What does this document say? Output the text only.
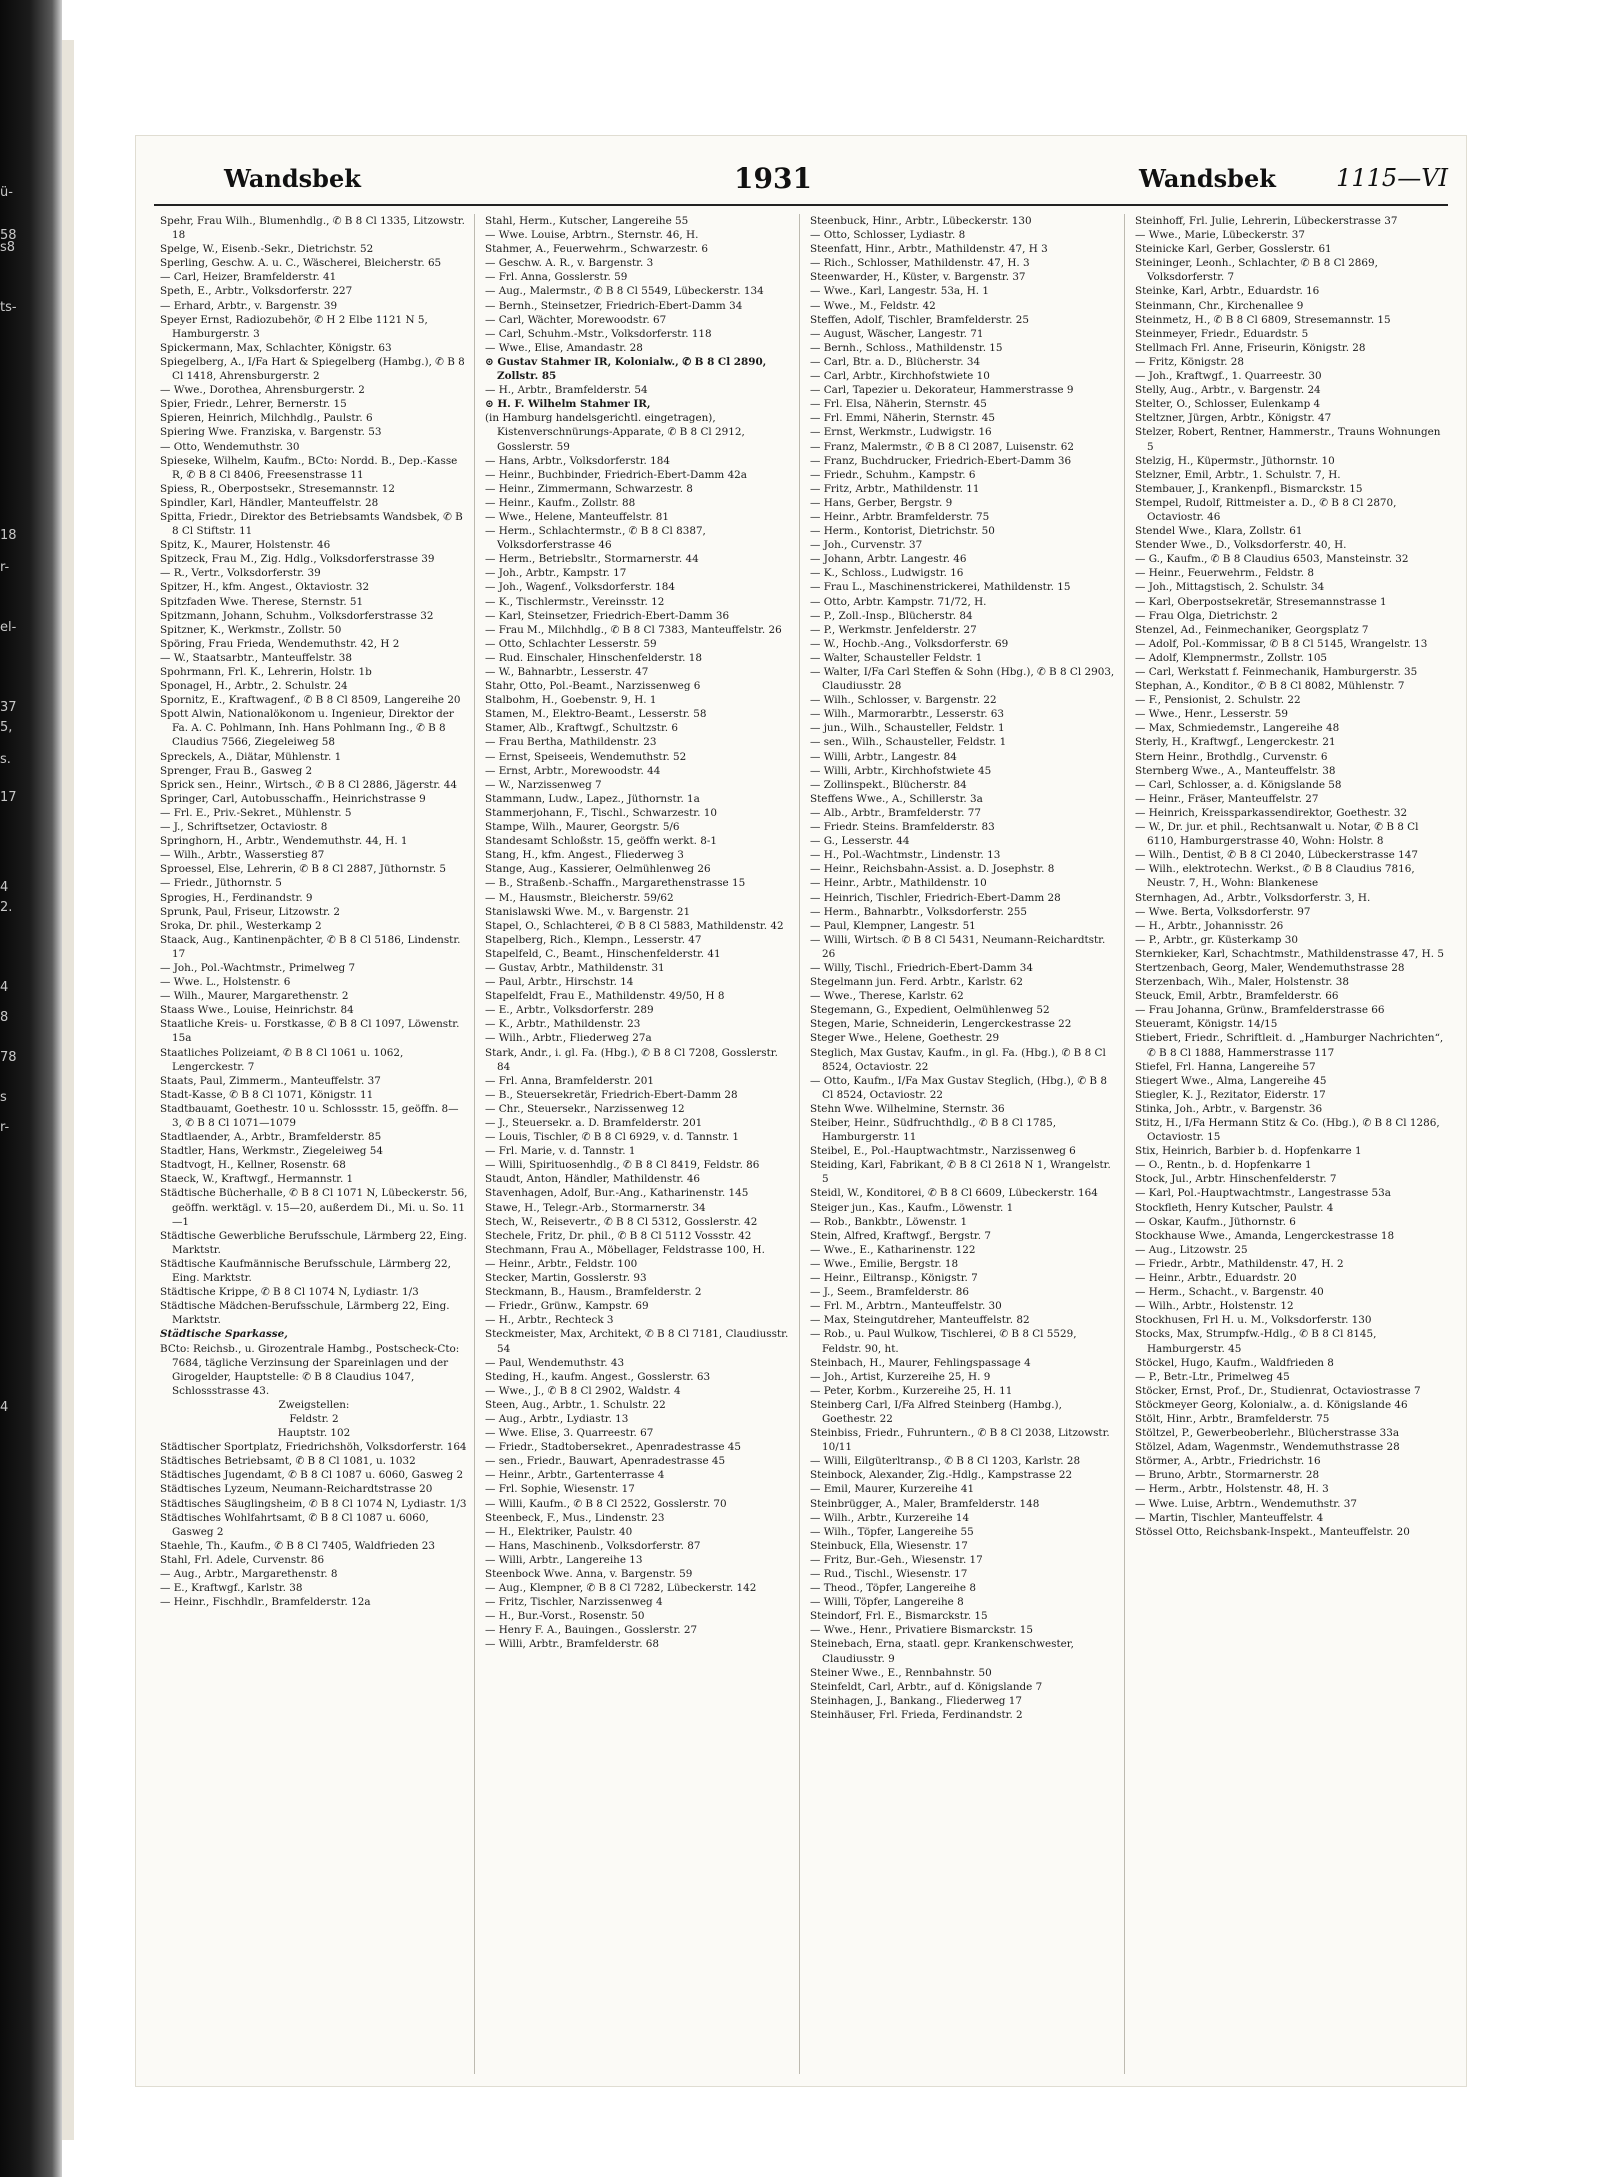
ü-
58
s8
ts-
18
r-
el-
37
5,
s.
17
4
2.
4
8
78
s
r-
4
Wandsbek	1931	Wandsbek	1115—VI

Spehr, Frau Wilh., Blumenhdlg., ✆ B 8 Cl 1335, Litzowstr. 18

Spelge, W., Eisenb.-Sekr., Dietrichstr. 52

Sperling, Geschw. A. u. C., Wäscherei, Bleicherstr. 65

— Carl, Heizer, Bramfelderstr. 41

Speth, E., Arbtr., Volksdorferstr. 227

— Erhard, Arbtr., v. Bargenstr. 39

Speyer Ernst, Radiozubehör, ✆ H 2 Elbe 1121 N 5, Hamburgerstr. 3

Spickermann, Max, Schlachter, Königstr. 63

Spiegelberg, A., I/Fa Hart & Spiegelberg (Hambg.), ✆ B 8 Cl 1418, Ahrensburgerstr. 2

— Wwe., Dorothea, Ahrensburgerstr. 2

Spier, Friedr., Lehrer, Bernerstr. 15

Spieren, Heinrich, Milchhdlg., Paulstr. 6

Spiering Wwe. Franziska, v. Bargenstr. 53

— Otto, Wendemuthstr. 30

Spieseke, Wilhelm, Kaufm., BCto: Nordd. B., Dep.-Kasse R, ✆ B 8 Cl 8406, Freesenstrasse 11

Spiess, R., Oberpostsekr., Stresemannstr. 12

Spindler, Karl, Händler, Manteuffelstr. 28

Spitta, Friedr., Direktor des Betriebsamts Wandsbek, ✆ B 8 Cl Stiftstr. 11

Spitz, K., Maurer, Holstenstr. 46

Spitzeck, Frau M., Zig. Hdlg., Volksdorferstrasse 39

— R., Vertr., Volksdorferstr. 39

Spitzer, H., kfm. Angest., Oktaviostr. 32

Spitzfaden Wwe. Therese, Sternstr. 51

Spitzmann, Johann, Schuhm., Volksdorferstrasse 32

Spitzner, K., Werkmstr., Zollstr. 50

Spöring, Frau Frieda, Wendemuthstr. 42, H 2

— W., Staatsarbtr., Manteuffelstr. 38

Spohrmann, Frl. K., Lehrerin, Holstr. 1b

Sponagel, H., Arbtr., 2. Schulstr. 24

Spornitz, E., Kraftwagenf., ✆ B 8 Cl 8509, Langereihe 20

Spott Alwin, Nationalökonom u. Ingenieur, Direktor der Fa. A. C. Pohlmann, Inh. Hans Pohlmann Ing., ✆ B 8 Claudius 7566, Ziegeleiweg 58

Spreckels, A., Diätar, Mühlenstr. 1

Sprenger, Frau B., Gasweg 2

Sprick sen., Heinr., Wirtsch., ✆ B 8 Cl 2886, Jägerstr. 44

Springer, Carl, Autobusschaffn., Heinrichstrasse 9

— Frl. E., Priv.-Sekret., Mühlenstr. 5

— J., Schriftsetzer, Octaviostr. 8

Springhorn, H., Arbtr., Wendemuthstr. 44, H. 1

— Wilh., Arbtr., Wasserstieg 87

Sproessel, Else, Lehrerin, ✆ B 8 Cl 2887, Jüthornstr. 5

— Friedr., Jüthornstr. 5

Sprogies, H., Ferdinandstr. 9

Sprunk, Paul, Friseur, Litzowstr. 2

Sroka, Dr. phil., Westerkamp 2

Staack, Aug., Kantinenpächter, ✆ B 8 Cl 5186, Lindenstr. 17

— Joh., Pol.-Wachtmstr., Primelweg 7

— Wwe. L., Holstenstr. 6

— Wilh., Maurer, Margarethenstr. 2

Staass Wwe., Louise, Heinrichstr. 84

Staatliche Kreis- u. Forstkasse, ✆ B 8 Cl 1097, Löwenstr. 15a

Staatliches Polizeiamt, ✆ B 8 Cl 1061 u. 1062, Lengerckestr. 7

Staats, Paul, Zimmerm., Manteuffelstr. 37

Stadt-Kasse, ✆ B 8 Cl 1071, Königstr. 11

Stadtbauamt, Goethestr. 10 u. Schlossstr. 15, geöffn. 8—3, ✆ B 8 Cl 1071—1079

Stadtlaender, A., Arbtr., Bramfelderstr. 85

Stadtler, Hans, Werkmstr., Ziegeleiweg 54

Stadtvogt, H., Kellner, Rosenstr. 68

Staeck, W., Kraftwgf., Hermannstr. 1

Städtische Bücherhalle, ✆ B 8 Cl 1071 N, Lübeckerstr. 56, geöffn. werktägl. v. 15—20, außerdem Di., Mi. u. So. 11—1

Städtische Gewerbliche Berufsschule, Lärmberg 22, Eing. Marktstr.

Städtische Kaufmännische Berufsschule, Lärmberg 22, Eing. Marktstr.

Städtische Krippe, ✆ B 8 Cl 1074 N, Lydiastr. 1/3

Städtische Mädchen-Berufsschule, Lärmberg 22, Eing. Marktstr.

Städtische Sparkasse,

BCto: Reichsb., u. Girozentrale Hambg., Postscheck-Cto: 7684, tägliche Verzinsung der Spareinlagen und der Girogelder, Hauptstelle: ✆ B 8 Claudius 1047, Schlossstrasse 43.

Zweigstellen:

Feldstr. 2

Hauptstr. 102

Städtischer Sportplatz, Friedrichshöh, Volksdorferstr. 164

Städtisches Betriebsamt, ✆ B 8 Cl 1081, u. 1032

Städtisches Jugendamt, ✆ B 8 Cl 1087 u. 6060, Gasweg 2

Städtisches Lyzeum, Neumann-Reichardtstrasse 20

Städtisches Säuglingsheim, ✆ B 8 Cl 1074 N, Lydiastr. 1/3

Städtisches Wohlfahrtsamt, ✆ B 8 Cl 1087 u. 6060, Gasweg 2

Staehle, Th., Kaufm., ✆ B 8 Cl 7405, Waldfrieden 23

Stahl, Frl. Adele, Curvenstr. 86

— Aug., Arbtr., Margarethenstr. 8

— E., Kraftwgf., Karlstr. 38

— Heinr., Fischhdlr., Bramfelderstr. 12a

Stahl, Herm., Kutscher, Langereihe 55

— Wwe. Louise, Arbtrn., Sternstr. 46, H.

Stahmer, A., Feuerwehrm., Schwarzestr. 6

— Geschw. A. R., v. Bargenstr. 3

— Frl. Anna, Gosslerstr. 59

— Aug., Malermstr., ✆ B 8 Cl 5549, Lübeckerstr. 134

— Bernh., Steinsetzer, Friedrich-Ebert-Damm 34

— Carl, Wächter, Morewoodstr. 67

— Carl, Schuhm.-Mstr., Volksdorferstr. 118

— Wwe., Elise, Amandastr. 28

⊙ Gustav Stahmer IR, Kolonialw., ✆ B 8 Cl 2890, Zollstr. 85

— H., Arbtr., Bramfelderstr. 54

⊙ H. F. Wilhelm Stahmer IR,

(in Hamburg handelsgerichtl. eingetragen), Kistenverschnürungs-Apparate, ✆ B 8 Cl 2912, Gosslerstr. 59

— Hans, Arbtr., Volksdorferstr. 184

— Heinr., Buchbinder, Friedrich-Ebert-Damm 42a

— Heinr., Zimmermann, Schwarzestr. 8

— Heinr., Kaufm., Zollstr. 88

— Wwe., Helene, Manteuffelstr. 81

— Herm., Schlachtermstr., ✆ B 8 Cl 8387, Volksdorferstrasse 46

— Herm., Betriebsltr., Stormarnerstr. 44

— Joh., Arbtr., Kampstr. 17

— Joh., Wagenf., Volksdorferstr. 184

— K., Tischlermstr., Vereinsstr. 12

— Karl, Steinsetzer, Friedrich-Ebert-Damm 36

— Frau M., Milchhdlg., ✆ B 8 Cl 7383, Manteuffelstr. 26

— Otto, Schlachter Lesserstr. 59

— Rud. Einschaler, Hinschenfelderstr. 18

— W., Bahnarbtr., Lesserstr. 47

Stahr, Otto, Pol.-Beamt., Narzissenweg 6

Stalbohm, H., Goebenstr. 9, H. 1

Stamen, M., Elektro-Beamt., Lesserstr. 58

Stamer, Alb., Kraftwgf., Schultzstr. 6

— Frau Bertha, Mathildenstr. 23

— Ernst, Speiseeis, Wendemuthstr. 52

— Ernst, Arbtr., Morewoodstr. 44

— W., Narzissenweg 7

Stammann, Ludw., Lapez., Jüthornstr. 1a

Stammerjohann, F., Tischl., Schwarzestr. 10

Stampe, Wilh., Maurer, Georgstr. 5/6

Standesamt Schloßstr. 15, geöffn werkt. 8-1

Stang, H., kfm. Angest., Fliederweg 3

Stange, Aug., Kassierer, Oelmühlenweg 26

— B., Straßenb.-Schaffn., Margarethenstrasse 15

— M., Hausmstr., Bleicherstr. 59/62

Stanislawski Wwe. M., v. Bargenstr. 21

Stapel, O., Schlachterei, ✆ B 8 Cl 5883, Mathildenstr. 42

Stapelberg, Rich., Klempn., Lesserstr. 47

Stapelfeld, C., Beamt., Hinschenfelderstr. 41

— Gustav, Arbtr., Mathildenstr. 31

— Paul, Arbtr., Hirschstr. 14

Stapelfeldt, Frau E., Mathildenstr. 49/50, H 8

— E., Arbtr., Volksdorferstr. 289

— K., Arbtr., Mathildenstr. 23

— Wilh., Arbtr., Fliederweg 27a

Stark, Andr., i. gl. Fa. (Hbg.), ✆ B 8 Cl 7208, Gosslerstr. 84

— Frl. Anna, Bramfelderstr. 201

— B., Steuersekretär, Friedrich-Ebert-Damm 28

— Chr., Steuersekr., Narzissenweg 12

— J., Steuersekr. a. D. Bramfelderstr. 201

— Louis, Tischler, ✆ B 8 Cl 6929, v. d. Tannstr. 1

— Frl. Marie, v. d. Tannstr. 1

— Willi, Spirituosenhdlg., ✆ B 8 Cl 8419, Feldstr. 86

Staudt, Anton, Händler, Mathildenstr. 46

Stavenhagen, Adolf, Bur.-Ang., Katharinenstr. 145

Stawe, H., Telegr.-Arb., Stormarnerstr. 34

Stech, W., Reisevertr., ✆ B 8 Cl 5312, Gosslerstr. 42

Stechele, Fritz, Dr. phil., ✆ B 8 Cl 5112 Vossstr. 42

Stechmann, Frau A., Möbellager, Feldstrasse 100, H.

— Heinr., Arbtr., Feldstr. 100

Stecker, Martin, Gosslerstr. 93

Steckmann, B., Hausm., Bramfelderstr. 2

— Friedr., Grünw., Kampstr. 69

— H., Arbtr., Rechteck 3

Steckmeister, Max, Architekt, ✆ B 8 Cl 7181, Claudiusstr. 54

— Paul, Wendemuthstr. 43

Steding, H., kaufm. Angest., Gosslerstr. 63

— Wwe., J., ✆ B 8 Cl 2902, Waldstr. 4

Steen, Aug., Arbtr., 1. Schulstr. 22

— Aug., Arbtr., Lydiastr. 13

— Wwe. Elise, 3. Quarreestr. 67

— Friedr., Stadtobersekret., Apenradestrasse 45

— sen., Friedr., Bauwart, Apenradestrasse 45

— Heinr., Arbtr., Gartenterrasse 4

— Frl. Sophie, Wiesenstr. 17

— Willi, Kaufm., ✆ B 8 Cl 2522, Gosslerstr. 70

Steenbeck, F., Mus., Lindenstr. 23

— H., Elektriker, Paulstr. 40

— Hans, Maschinenb., Volksdorferstr. 87

— Willi, Arbtr., Langereihe 13

Steenbock Wwe. Anna, v. Bargenstr. 59

— Aug., Klempner, ✆ B 8 Cl 7282, Lübeckerstr. 142

— Fritz, Tischler, Narzissenweg 4

— H., Bur.-Vorst., Rosenstr. 50

— Henry F. A., Bauingen., Gosslerstr. 27

— Willi, Arbtr., Bramfelderstr. 68

Steenbuck, Hinr., Arbtr., Lübeckerstr. 130

— Otto, Schlosser, Lydiastr. 8

Steenfatt, Hinr., Arbtr., Mathildenstr. 47, H 3

— Rich., Schlosser, Mathildenstr. 47, H. 3

Steenwarder, H., Küster, v. Bargenstr. 37

— Wwe., Karl, Langestr. 53a, H. 1

— Wwe., M., Feldstr. 42

Steffen, Adolf, Tischler, Bramfelderstr. 25

— August, Wäscher, Langestr. 71

— Bernh., Schloss., Mathildenstr. 15

— Carl, Btr. a. D., Blücherstr. 34

— Carl, Arbtr., Kirchhofstwiete 10

— Carl, Tapezier u. Dekorateur, Hammerstrasse 9

— Frl. Elsa, Näherin, Sternstr. 45

— Frl. Emmi, Näherin, Sternstr. 45

— Ernst, Werkmstr., Ludwigstr. 16

— Franz, Malermstr., ✆ B 8 Cl 2087, Luisenstr. 62

— Franz, Buchdrucker, Friedrich-Ebert-Damm 36

— Friedr., Schuhm., Kampstr. 6

— Fritz, Arbtr., Mathildenstr. 11

— Hans, Gerber, Bergstr. 9

— Heinr., Arbtr. Bramfelderstr. 75

— Herm., Kontorist, Dietrichstr. 50

— Joh., Curvenstr. 37

— Johann, Arbtr. Langestr. 46

— K., Schloss., Ludwigstr. 16

— Frau L., Maschinenstrickerei, Mathildenstr. 15

— Otto, Arbtr. Kampstr. 71/72, H.

— P., Zoll.-Insp., Blücherstr. 84

— P., Werkmstr. Jenfelderstr. 27

— W., Hochb.-Ang., Volksdorferstr. 69

— Walter, Schausteller Feldstr. 1

— Walter, I/Fa Carl Steffen & Sohn (Hbg.), ✆ B 8 Cl 2903, Claudiusstr. 28

— Wilh., Schlosser, v. Bargenstr. 22

— Wilh., Marmorarbtr., Lesserstr. 63

— jun., Wilh., Schausteller, Feldstr. 1

— sen., Wilh., Schausteller, Feldstr. 1

— Willi, Arbtr., Langestr. 84

— Willi, Arbtr., Kirchhofstwiete 45

— Zollinspekt., Blücherstr. 84

Steffens Wwe., A., Schillerstr. 3a

— Alb., Arbtr., Bramfelderstr. 77

— Friedr. Steins. Bramfelderstr. 83

— G., Lesserstr. 44

— H., Pol.-Wachtmstr., Lindenstr. 13

— Heinr., Reichsbahn-Assist. a. D. Josephstr. 8

— Heinr., Arbtr., Mathildenstr. 10

— Heinrich, Tischler, Friedrich-Ebert-Damm 28

— Herm., Bahnarbtr., Volksdorferstr. 255

— Paul, Klempner, Langestr. 51

— Willi, Wirtsch. ✆ B 8 Cl 5431, Neumann-Reichardtstr. 26

— Willy, Tischl., Friedrich-Ebert-Damm 34

Stegelmann jun. Ferd. Arbtr., Karlstr. 62

— Wwe., Therese, Karlstr. 62

Stegemann, G., Expedient, Oelmühlenweg 52

Stegen, Marie, Schneiderin, Lengerckestrasse 22

Steger Wwe., Helene, Goethestr. 29

Steglich, Max Gustav, Kaufm., in gl. Fa. (Hbg.), ✆ B 8 Cl 8524, Octaviostr. 22

— Otto, Kaufm., I/Fa Max Gustav Steglich, (Hbg.), ✆ B 8 Cl 8524, Octaviostr. 22

Stehn Wwe. Wilhelmine, Sternstr. 36

Steiber, Heinr., Südfruchthdlg., ✆ B 8 Cl 1785, Hamburgerstr. 11

Steibel, E., Pol.-Hauptwachtmstr., Narzissenweg 6

Steiding, Karl, Fabrikant, ✆ B 8 Cl 2618 N 1, Wrangelstr. 5

Steidl, W., Konditorei, ✆ B 8 Cl 6609, Lübeckerstr. 164

Steiger jun., Kas., Kaufm., Löwenstr. 1

— Rob., Bankbtr., Löwenstr. 1

Stein, Alfred, Kraftwgf., Bergstr. 7

— Wwe., E., Katharinenstr. 122

— Wwe., Emilie, Bergstr. 18

— Heinr., Eiltransp., Königstr. 7

— J., Seem., Bramfelderstr. 86

— Frl. M., Arbtrn., Manteuffelstr. 30

— Max, Steingutdreher, Manteuffelstr. 82

— Rob., u. Paul Wulkow, Tischlerei, ✆ B 8 Cl 5529, Feldstr. 90, ht.

Steinbach, H., Maurer, Fehlingspassage 4

— Joh., Artist, Kurzereihe 25, H. 9

— Peter, Korbm., Kurzereihe 25, H. 11

Steinberg Carl, I/Fa Alfred Steinberg (Hambg.), Goethestr. 22

Steinbiss, Friedr., Fuhruntern., ✆ B 8 Cl 2038, Litzowstr. 10/11

— Willi, Eilgüterltransp., ✆ B 8 Cl 1203, Karlstr. 28

Steinbock, Alexander, Zig.-Hdlg., Kampstrasse 22

— Emil, Maurer, Kurzereihe 41

Steinbrügger, A., Maler, Bramfelderstr. 148

— Wilh., Arbtr., Kurzereihe 14

— Wilh., Töpfer, Langereihe 55

Steinbuck, Ella, Wiesenstr. 17

— Fritz, Bur.-Geh., Wiesenstr. 17

— Rud., Tischl., Wiesenstr. 17

— Theod., Töpfer, Langereihe 8

— Willi, Töpfer, Langereihe 8

Steindorf, Frl. E., Bismarckstr. 15

— Wwe., Henr., Privatiere Bismarckstr. 15

Steinebach, Erna, staatl. gepr. Krankenschwester, Claudiusstr. 9

Steiner Wwe., E., Rennbahnstr. 50

Steinfeldt, Carl, Arbtr., auf d. Königslande 7

Steinhagen, J., Bankang., Fliederweg 17

Steinhäuser, Frl. Frieda, Ferdinandstr. 2

Steinhoff, Frl. Julie, Lehrerin, Lübeckerstrasse 37

— Wwe., Marie, Lübeckerstr. 37

Steinicke Karl, Gerber, Gosslerstr. 61

Steininger, Leonh., Schlachter, ✆ B 8 Cl 2869, Volksdorferstr. 7

Steinke, Karl, Arbtr., Eduardstr. 16

Steinmann, Chr., Kirchenallee 9

Steinmetz, H., ✆ B 8 Cl 6809, Stresemannstr. 15

Steinmeyer, Friedr., Eduardstr. 5

Stellmach Frl. Anne, Friseurin, Königstr. 28

— Fritz, Königstr. 28

— Joh., Kraftwgf., 1. Quarreestr. 30

Stelly, Aug., Arbtr., v. Bargenstr. 24

Stelter, O., Schlosser, Eulenkamp 4

Steltzner, Jürgen, Arbtr., Königstr. 47

Stelzer, Robert, Rentner, Hammerstr., Trauns Wohnungen 5

Stelzig, H., Küpermstr., Jüthornstr. 10

Stelzner, Emil, Arbtr., 1. Schulstr. 7, H.

Stembauer, J., Krankenpfl., Bismarckstr. 15

Stempel, Rudolf, Rittmeister a. D., ✆ B 8 Cl 2870, Octaviostr. 46

Stendel Wwe., Klara, Zollstr. 61

Stender Wwe., D., Volksdorferstr. 40, H.

— G., Kaufm., ✆ B 8 Claudius 6503, Mansteinstr. 32

— Heinr., Feuerwehrm., Feldstr. 8

— Joh., Mittagstisch, 2. Schulstr. 34

— Karl, Oberpostsekretär, Stresemannstrasse 1

— Frau Olga, Dietrichstr. 2

Stenzel, Ad., Feinmechaniker, Georgsplatz 7

— Adolf, Pol.-Kommissar, ✆ B 8 Cl 5145, Wrangelstr. 13

— Adolf, Klempnermstr., Zollstr. 105

— Carl, Werkstatt f. Feinmechanik, Hamburgerstr. 35

Stephan, A., Konditor., ✆ B 8 Cl 8082, Mühlenstr. 7

— F., Pensionist, 2. Schulstr. 22

— Wwe., Henr., Lesserstr. 59

— Max, Schmiedemstr., Langereihe 48

Sterly, H., Kraftwgf., Lengerckestr. 21

Stern Heinr., Brothdlg., Curvenstr. 6

Sternberg Wwe., A., Manteuffelstr. 38

— Carl, Schlosser, a. d. Königslande 58

— Heinr., Fräser, Manteuffelstr. 27

— Heinrich, Kreissparkassendirektor, Goethestr. 32

— W., Dr. jur. et phil., Rechtsanwalt u. Notar, ✆ B 8 Cl 6110, Hamburgerstrasse 40, Wohn: Holstr. 8

— Wilh., Dentist, ✆ B 8 Cl 2040, Lübeckerstrasse 147

— Wilh., elektrotechn. Werkst., ✆ B 8 Claudius 7816, Neustr. 7, H., Wohn: Blankenese

Sternhagen, Ad., Arbtr., Volksdorferstr. 3, H.

— Wwe. Berta, Volksdorferstr. 97

— H., Arbtr., Johannisstr. 26

— P., Arbtr., gr. Küsterkamp 30

Sternkieker, Karl, Schachtmstr., Mathildenstrasse 47, H. 5

Stertzenbach, Georg, Maler, Wendemuthstrasse 28

Sterzenbach, Wih., Maler, Holstenstr. 38

Steuck, Emil, Arbtr., Bramfelderstr. 66

— Frau Johanna, Grünw., Bramfelderstrasse 66

Steueramt, Königstr. 14/15

Stiebert, Friedr., Schriftleit. d. „Hamburger Nachrichten“, ✆ B 8 Cl 1888, Hammerstrasse 117

Stiefel, Frl. Hanna, Langereihe 57

Stiegert Wwe., Alma, Langereihe 45

Stiegler, K. J., Rezitator, Eiderstr. 17

Stinka, Joh., Arbtr., v. Bargenstr. 36

Stitz, H., I/Fa Hermann Stitz & Co. (Hbg.), ✆ B 8 Cl 1286, Octaviostr. 15

Stix, Heinrich, Barbier b. d. Hopfenkarre 1

— O., Rentn., b. d. Hopfenkarre 1

Stock, Jul., Arbtr. Hinschenfelderstr. 7

— Karl, Pol.-Hauptwachtmstr., Langestrasse 53a

Stockfleth, Henry Kutscher, Paulstr. 4

— Oskar, Kaufm., Jüthornstr. 6

Stockhause Wwe., Amanda, Lengerckestrasse 18

— Aug., Litzowstr. 25

— Friedr., Arbtr., Mathildenstr. 47, H. 2

— Heinr., Arbtr., Eduardstr. 20

— Herm., Schacht., v. Bargenstr. 40

— Wilh., Arbtr., Holstenstr. 12

Stockhusen, Frl H. u. M., Volksdorferstr. 130

Stocks, Max, Strumpfw.-Hdlg., ✆ B 8 Cl 8145, Hamburgerstr. 45

Stöckel, Hugo, Kaufm., Waldfrieden 8

— P., Betr.-Ltr., Primelweg 45

Stöcker, Ernst, Prof., Dr., Studienrat, Octaviostrasse 7

Stöckmeyer Georg, Kolonialw., a. d. Königslande 46

Stölt, Hinr., Arbtr., Bramfelderstr. 75

Stöltzel, P., Gewerbeoberlehr., Blücherstrasse 33a

Stölzel, Adam, Wagenmstr., Wendemuthstrasse 28

Störmer, A., Arbtr., Friedrichstr. 16

— Bruno, Arbtr., Stormarnerstr. 28

— Herm., Arbtr., Holstenstr. 48, H. 3

— Wwe. Luise, Arbtrn., Wendemuthstr. 37

— Martin, Tischler, Manteuffelstr. 4

Stössel Otto, Reichsbank-Inspekt., Manteuffelstr. 20
